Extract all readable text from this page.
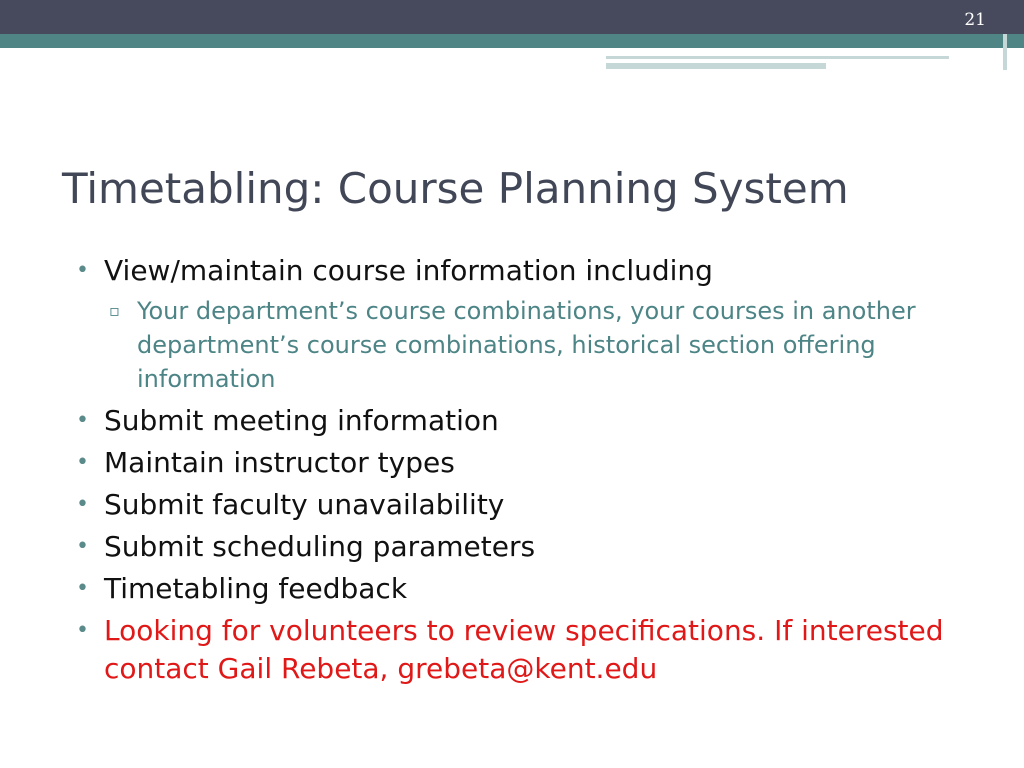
21
Timetabling: Course Planning System
• View/maintain course information including
▫ Your department’s course combinations, your courses in another department’s course combinations, historical section offering information
• Submit meeting information
• Maintain instructor types
• Submit faculty unavailability
• Submit scheduling parameters
• Timetabling feedback
• Looking for volunteers to review specifications. If interested contact Gail Rebeta, grebeta@kent.edu
